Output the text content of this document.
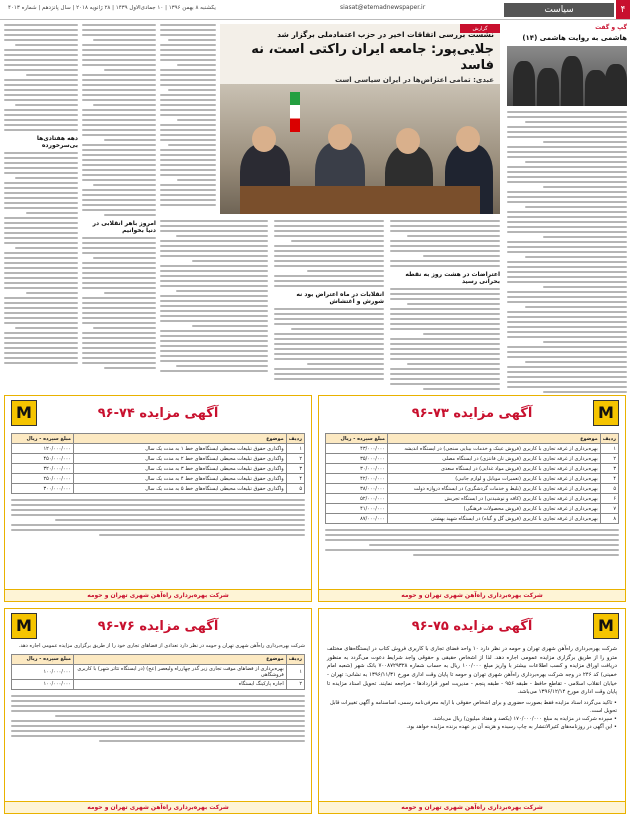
۴
سیاست
siasat@etemadnewspaper.ir
یکشنبه ۸ بهمن ۱۳۹۶ | ۱۰ جمادی‌الاول ۱۴۳۹ | ۲۸ ژانویه ۲۰۱۸ | سال پانزدهم | شماره ۴۰۱۳
گپ و گفت
هاشمی به روایت هاشمی (۱۴)
گزارش
نشست بررسی اتفاقات اخیر در حزب اعتمادملی برگزار شد
جلایی‌پور: جامعه ایران راکتی است، نه فاسد
عبدی: تمامی اعتراض‌ها در ایران سیاسی است
اعتراضات در هشت روز به نقطه بحرانی رسید
انقلابات در ماه اعتراض بود نه شورش و اغتشاش
امروز باهر انقلابی در دنیا بخوانیم
دهه هفتادی‌ها بی‌سرخورده
M
آگهی مزایده ۷۳-۹۶
ردیف	موضوع	مبلغ سپرده - ریال
۱	بهره‌برداری از غرفه تجاری با کاربری (فروش عینک و خدمات بینایی سنجی) در ایستگاه اندیشه	۴۳/۰۰۰/۰۰۰
۲	بهره‌برداری از غرفه تجاری با کاربری (فروش نان فانتزی) در ایستگاه مصلی	۳۵/۰۰۰/۰۰۰
۳	بهره‌برداری از غرفه تجاری با کاربری (فروش مواد غذایی) در ایستگاه سعدی	۳۰/۰۰۰/۰۰۰
۴	بهره‌برداری از غرفه تجاری با کاربری (تعمیرات موبایل و لوازم جانبی)	۴۲/۰۰۰/۰۰۰
۵	بهره‌برداری از غرفه تجاری با کاربری (بلیط و خدمات گردشگری) در ایستگاه دروازه دولت	۳۸/۰۰۰/۰۰۰
۶	بهره‌برداری از غرفه تجاری با کاربری (کافه و نوشیدنی) در ایستگاه تجریش	۵۲/۰۰۰/۰۰۰
۷	بهره‌برداری از غرفه تجاری با کاربری (فروش محصولات فرهنگی)	۴۱/۰۰۰/۰۰۰
۸	بهره‌برداری از غرفه تجاری با کاربری (فروش گل و گیاه) در ایستگاه شهید بهشتی	۸۷/۰۰۰/۰۰۰
شرکت بهره‌برداری راه‌آهن شهری تهران و حومه
آگهی مزایده ۷۴-۹۶
M
ردیف	موضوع	مبلغ سپرده - ریال
۱	واگذاری حقوق تبلیغات محیطی ایستگاه‌های خط ۱ به مدت یک سال	۱۲۰/۰۰۰/۰۰۰
۲	واگذاری حقوق تبلیغات محیطی ایستگاه‌های خط ۲ به مدت یک سال	۴۵۰/۰۰۰/۰۰۰
۳	واگذاری حقوق تبلیغات محیطی ایستگاه‌های خط ۳ به مدت یک سال	۳۲۰/۰۰۰/۰۰۰
۴	واگذاری حقوق تبلیغات محیطی ایستگاه‌های خط ۴ به مدت یک سال	۲۵۰/۰۰۰/۰۰۰
۵	واگذاری حقوق تبلیغات محیطی ایستگاه‌های خط ۵ به مدت یک سال	۳۰۰/۰۰۰/۰۰۰
شرکت بهره‌برداری راه‌آهن شهری تهران و حومه
آگهی مزایده ۷۶-۹۶
M
شرکت بهره‌برداری راه‌آهن شهری تهران و حومه در نظر دارد تعدادی از فضاهای تجاری خود را از طریق برگزاری مزایده عمومی اجاره دهد.
ردیف	موضوع	مبلغ سپرده - ریال
۱	بهره‌برداری از فضاهای موقت تجاری زیر گذر چهارراه ولیعصر (عج) (در ایستگاه تئاتر شهر) با کاربری فروشگاهی	۱۰۰/۰۰۰/۰۰۰
۲	اجاره پارکینگ ایستگاه	۱۰۰/۰۰۰/۰۰۰
شرکت بهره‌برداری راه‌آهن شهری تهران و حومه
M
آگهی مزایده ۷۵-۹۶
شرکت بهره‌برداری راه‌آهن شهری تهران و حومه در نظر دارد ۱۰ واحد فضای تجاری با کاربری فروش کتاب در ایستگاه‌های مختلف مترو را از طریق برگزاری مزایده عمومی اجاره دهد. لذا از اشخاص حقیقی و حقوقی واجد شرایط دعوت می‌گردد به منظور دریافت اوراق مزایده و کسب اطلاعات بیشتر با واریز مبلغ ۱۰۰/۰۰۰ ریال به حساب شماره ۷۰۰۸۷۲۹۳۲۸ بانک شهر (شعبه امام خمینی) کد ۲۴۶ در وجه شرکت بهره‌برداری راه‌آهن شهری تهران و حومه تا پایان وقت اداری مورخ ۱۳۹۶/۱۱/۳۱ به نشانی: تهران - خیابان انقلاب اسلامی - تقاطع حافظ - طبقه ۹۵۶ - طبقه پنجم - مدیریت امور قراردادها - مراجعه نمایند. تحویل اسناد مزایده تا پایان وقت اداری مورخ ۱۳۹۶/۱۲/۱۴ می‌باشد.
• تاکید می‌گردد اسناد مزایده فقط بصورت حضوری و برای اشخاص حقوقی با ارایه معرفی‌نامه رسمی، اساسنامه و آگهی تغییرات قابل تحویل است.
• سپرده شرکت در مزایده به مبلغ ۱۷۰/۰۰۰/۰۰۰ (یکصد و هفتاد میلیون) ریال می‌باشد.
• این آگهی در روزنامه‌های کثیرالانتشار به چاپ رسیده و هزینه آن بر عهده برنده مزایده خواهد بود.
شرکت بهره‌برداری راه‌آهن شهری تهران و حومه
